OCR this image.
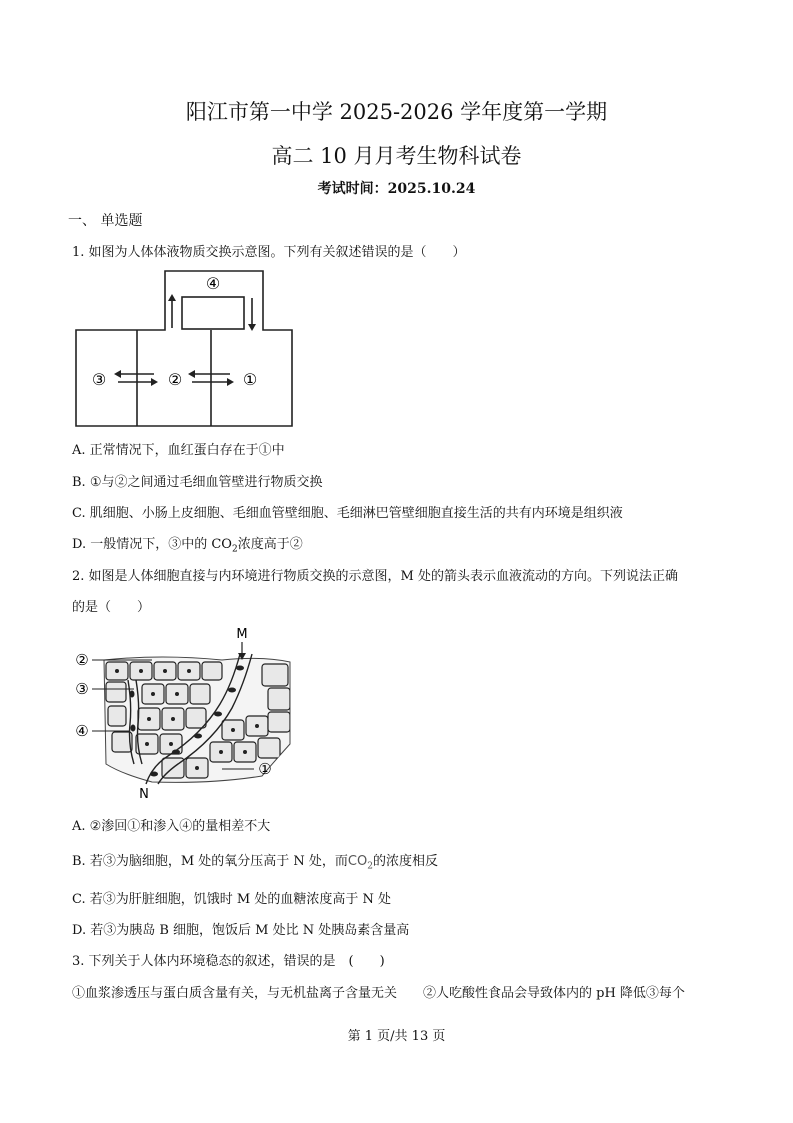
阳江市第一中学 2025-2026 学年度第一学期
高二 10 月月考生物科试卷
考试时间：2025.10.24
一、 单选题
1. 如图为人体体液物质交换示意图。下列有关叙述错误的是（　　）
④
③	②	①
A. 正常情况下，血红蛋白存在于①中
B. ①与②之间通过毛细血管壁进行物质交换
C. 肌细胞、小肠上皮细胞、毛细血管壁细胞、毛细淋巴管壁细胞直接生活的共有内环境是组织液
D. 一般情况下，③中的 $CO_2$浓度高于②
2. 如图是人体细胞直接与内环境进行物质交换的示意图，M 处的箭头表示血液流动的方向。下列说法正确
的是（　　）
M
N
②
③
④
①
A. ②渗回①和渗入④的量相差不大
B. 若③为脑细胞，M 处的氧分压高于 N 处，而$CO_2$的浓度相反
C. 若③为肝脏细胞，饥饿时 M 处的血糖浓度高于 N 处
D. 若③为胰岛 B 细胞，饱饭后 M 处比 N 处胰岛素含量高
3. 下列关于人体内环境稳态的叙述，错误的是　(　　)
①血浆渗透压与蛋白质含量有关，与无机盐离子含量无关　　②人吃酸性食品会导致体内的 pH 降低③每个
第 1 页/共 13 页
